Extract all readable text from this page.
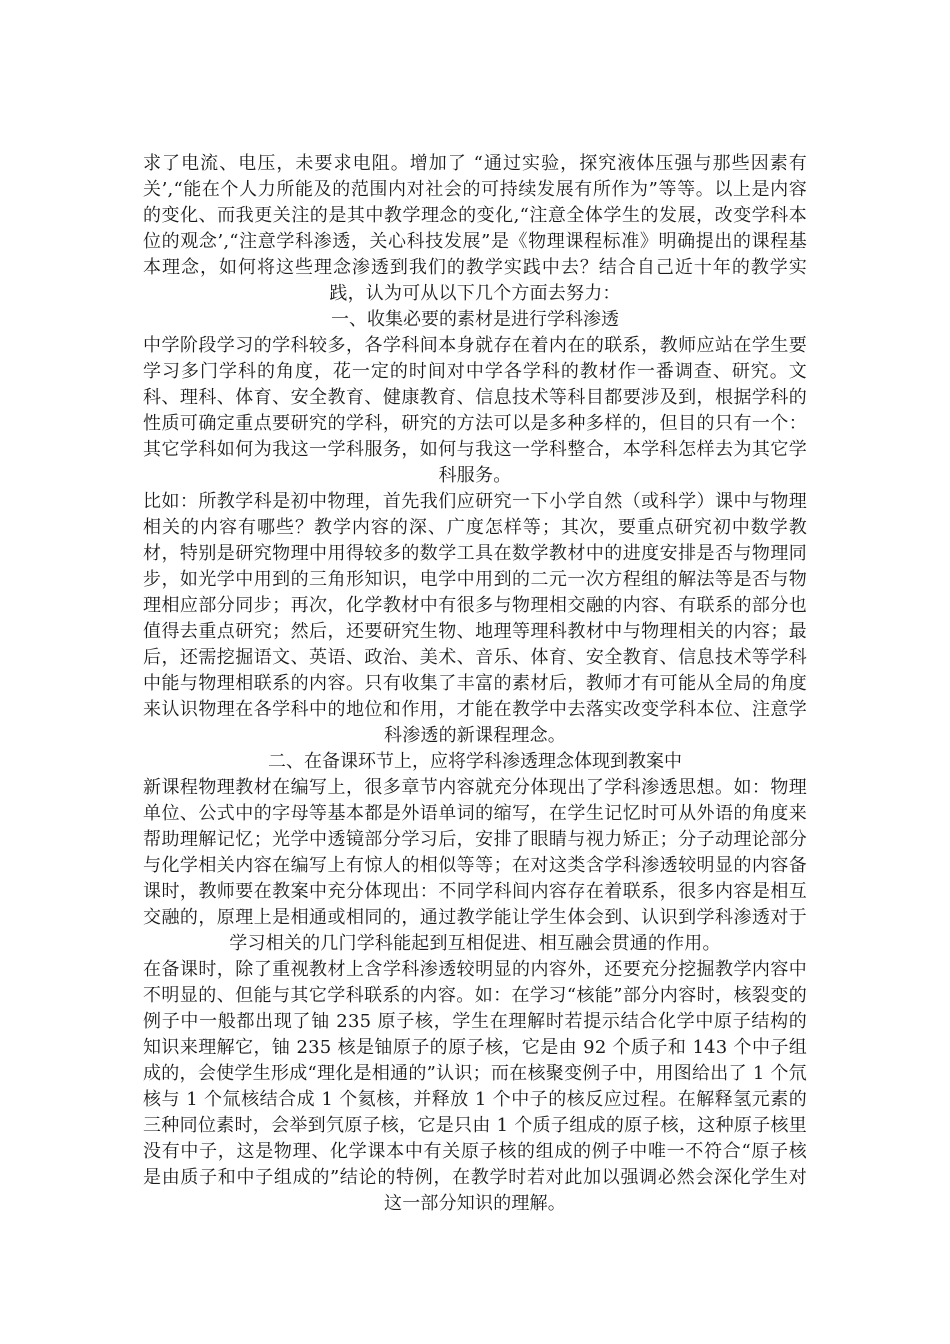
求了电流、电压，未要求电阻。增加了 “通过实验，探究液体压强与那些因素有关’,“能在个人力所能及的范围内对社会的可持续发展有所作为”等等。以上是内容的变化、而我更关注的是其中教学理念的变化,“注意全体学生的发展，改变学科本位的观念’,“注意学科渗透，关心科技发展”是《物理课程标准》明确提出的课程基本理念，如何将这些理念渗透到我们的教学实践中去？结合自己近十年的教学实践，认为可从以下几个方面去努力：

一、收集必要的素材是进行学科渗透

中学阶段学习的学科较多，各学科间本身就存在着内在的联系，教师应站在学生要学习多门学科的角度，花一定的时间对中学各学科的教材作一番调查、研究。文科、理科、体育、安全教育、健康教育、信息技术等科目都要涉及到，根据学科的性质可确定重点要研究的学科，研究的方法可以是多种多样的，但目的只有一个：其它学科如何为我这一学科服务，如何与我这一学科整合，本学科怎样去为其它学科服务。

比如：所教学科是初中物理，首先我们应研究一下小学自然（或科学）课中与物理相关的内容有哪些？教学内容的深、广度怎样等；其次，要重点研究初中数学教材，特别是研究物理中用得较多的数学工具在数学教材中的进度安排是否与物理同步，如光学中用到的三角形知识，电学中用到的二元一次方程组的解法等是否与物理相应部分同步；再次，化学教材中有很多与物理相交融的内容、有联系的部分也值得去重点研究；然后，还要研究生物、地理等理科教材中与物理相关的内容；最后，还需挖掘语文、英语、政治、美术、音乐、体育、安全教育、信息技术等学科中能与物理相联系的内容。只有收集了丰富的素材后，教师才有可能从全局的角度来认识物理在各学科中的地位和作用，才能在教学中去落实改变学科本位、注意学科渗透的新课程理念。

二、在备课环节上，应将学科渗透理念体现到教案中

新课程物理教材在编写上，很多章节内容就充分体现出了学科渗透思想。如：物理单位、公式中的字母等基本都是外语单词的缩写，在学生记忆时可从外语的角度来帮助理解记忆；光学中透镜部分学习后，安排了眼睛与视力矫正；分子动理论部分与化学相关内容在编写上有惊人的相似等等；在对这类含学科渗透较明显的内容备课时，教师要在教案中充分体现出：不同学科间内容存在着联系，很多内容是相互交融的，原理上是相通或相同的，通过教学能让学生体会到、认识到学科渗透对于学习相关的几门学科能起到互相促进、相互融会贯通的作用。

在备课时，除了重视教材上含学科渗透较明显的内容外，还要充分挖掘教学内容中不明显的、但能与其它学科联系的内容。如：在学习“核能”部分内容时，核裂变的例子中一般都出现了铀 235 原子核，学生在理解时若提示结合化学中原子结构的知识来理解它，铀 235 核是铀原子的原子核，它是由 92 个质子和 143 个中子组成的，会使学生形成“理化是相通的”认识；而在核聚变例子中，用图给出了 1 个氘核与 1 个氚核结合成 1 个氦核，并释放 1 个中子的核反应过程。在解释氢元素的三种同位素时，会举到氕原子核，它是只由 1 个质子组成的原子核，这种原子核里没有中子，这是物理、化学课本中有关原子核的组成的例子中唯一不符合“原子核是由质子和中子组成的”结论的特例，在教学时若对此加以强调必然会深化学生对这一部分知识的理解。
